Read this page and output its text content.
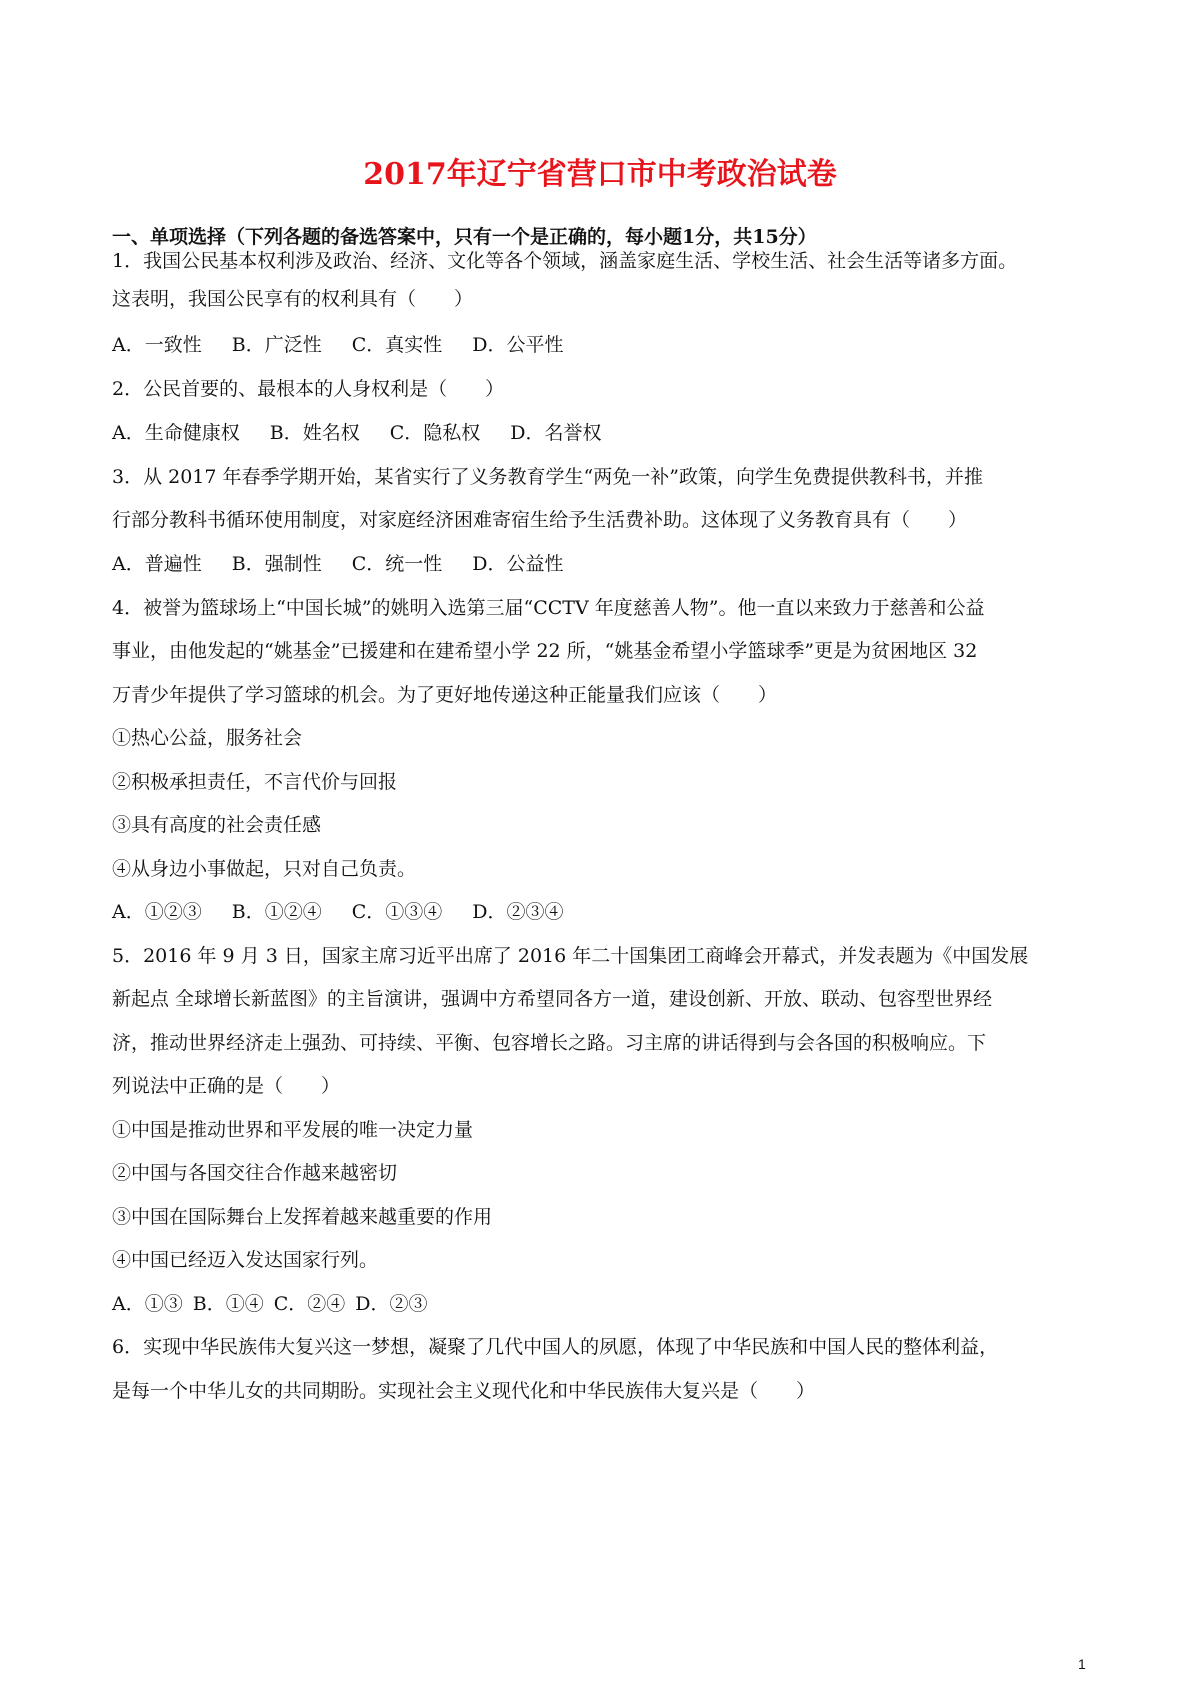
2017年辽宁省营口市中考政治试卷
一、单项选择（下列各题的备选答案中，只有一个是正确的，每小题1分，共15分）
1．我国公民基本权利涉及政治、经济、文化等各个领域，涵盖家庭生活、学校生活、社会生活等诸多方面。
这表明，我国公民享有的权利具有（　　）
A．一致性 B．广泛性 C．真实性 D．公平性
2．公民首要的、最根本的人身权利是（　　）
A．生命健康权 B．姓名权 C．隐私权 D．名誉权
3．从 2017 年春季学期开始，某省实行了义务教育学生“两免一补”政策，向学生免费提供教科书，并推
行部分教科书循环使用制度，对家庭经济困难寄宿生给予生活费补助。这体现了义务教育具有（　　）
A．普遍性 B．强制性 C．统一性 D．公益性
4．被誉为篮球场上“中国长城”的姚明入选第三届“CCTV 年度慈善人物”。他一直以来致力于慈善和公益
事业，由他发起的“姚基金”已援建和在建希望小学 22 所，“姚基金希望小学篮球季”更是为贫困地区 32
万青少年提供了学习篮球的机会。为了更好地传递这种正能量我们应该（　　）
①热心公益，服务社会
②积极承担责任，不言代价与回报
③具有高度的社会责任感
④从身边小事做起，只对自己负责。
A．①②③ B．①②④ C．①③④ D．②③④
5．2016 年 9 月 3 日，国家主席习近平出席了 2016 年二十国集团工商峰会开幕式，并发表题为《中国发展
新起点 全球增长新蓝图》的主旨演讲，强调中方希望同各方一道，建设创新、开放、联动、包容型世界经
济，推动世界经济走上强劲、可持续、平衡、包容增长之路。习主席的讲话得到与会各国的积极响应。下
列说法中正确的是（　　）
①中国是推动世界和平发展的唯一决定力量
②中国与各国交往合作越来越密切
③中国在国际舞台上发挥着越来越重要的作用
④中国已经迈入发达国家行列。
A．①③ B．①④ C．②④ D．②③
6．实现中华民族伟大复兴这一梦想，凝聚了几代中国人的夙愿，体现了中华民族和中国人民的整体利益，
是每一个中华儿女的共同期盼。实现社会主义现代化和中华民族伟大复兴是（　　）
1
